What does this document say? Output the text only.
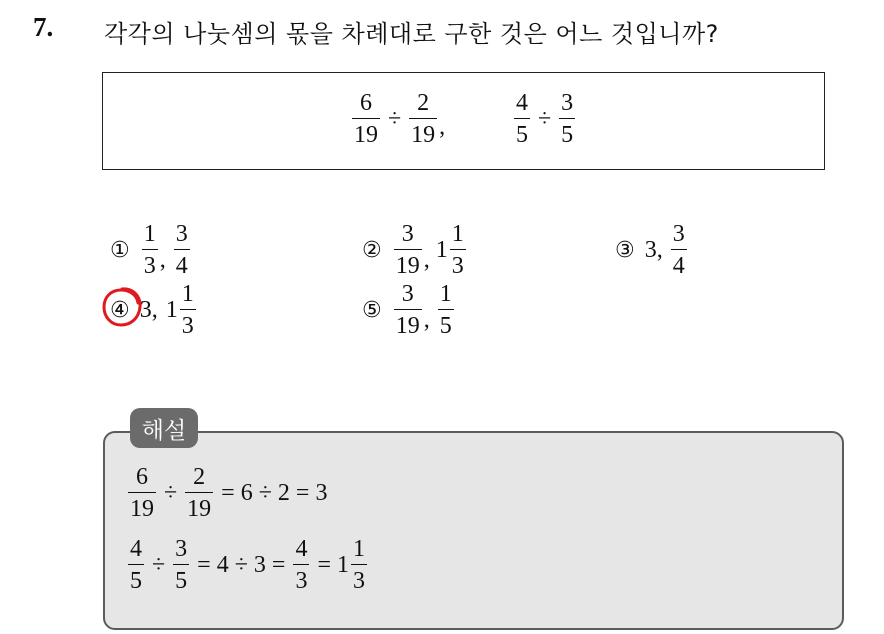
7. 각각의 나눗셈의 몫을 차례대로 구한 것은 어느 것입니까?
$\frac{6}{19} \div \frac{2}{19}$ ,	$\frac{4}{5} \div \frac{3}{5}$
① $\frac{1}{3}$ , $\frac{3}{4}$	② $\frac{3}{19}$ , $1 \frac{1}{3}$	③ 3, $\frac{3}{4}$
④ 3, $1 \frac{1}{3}$	⑤ $\frac{3}{19}$ , $\frac{1}{5}$
해설
$\frac{6}{19} \div \frac{2}{19} = 6 \div 2 = 3$
$\frac{4}{5} \div \frac{3}{5} = 4 \div 3 = \frac{4}{3} = 1 \frac{1}{3}$
